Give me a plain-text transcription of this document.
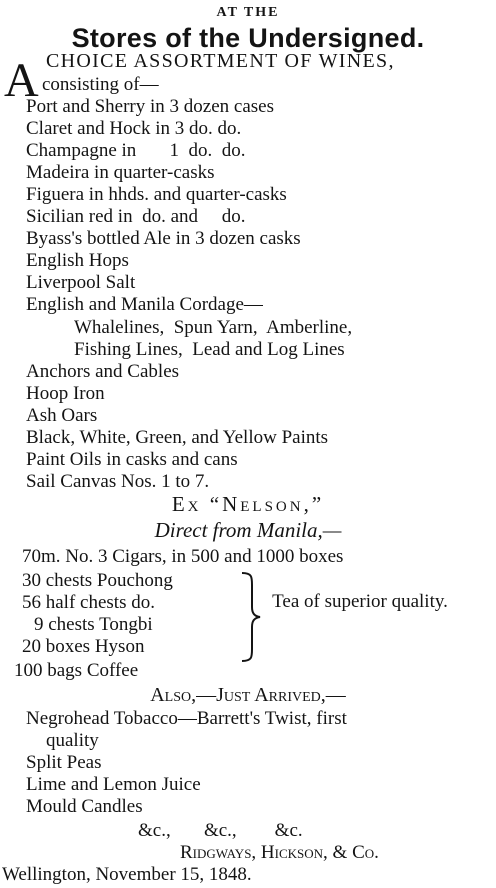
AT THE
Stores of the Undersigned.
A CHOICE ASSORTMENT OF WINES,
consisting of—
Port and Sherry in 3 dozen cases
Claret and Hock in 3 do. do.
Champagne in       1  do.  do.
Madeira in quarter-casks
Figuera in hhds. and quarter-casks
Sicilian red in  do. and     do.
Byass's bottled Ale in 3 dozen casks
English Hops
Liverpool Salt
English and Manila Cordage—
Whalelines,  Spun Yarn,  Amberline,
Fishing Lines,  Lead and Log Lines
Anchors and Cables
Hoop Iron
Ash Oars
Black, White, Green, and Yellow Paints
Paint Oils in casks and cans
Sail Canvas Nos. 1 to 7.
Ex “Nelson,”
Direct from Manila,—
70m. No. 3 Cigars, in 500 and 1000 boxes
30 chests Pouchong
56 half chests do.
9 chests Tongbi
20 boxes Hyson
Tea of superior quality.
100 bags Coffee
Also,—Just Arrived,—
Negrohead Tobacco—Barrett's Twist, first
quality
Split Peas
Lime and Lemon Juice
Mould Candles
&c.,       &c.,        &c.
Ridgways, Hickson, & Co.
Wellington, November 15, 1848.
